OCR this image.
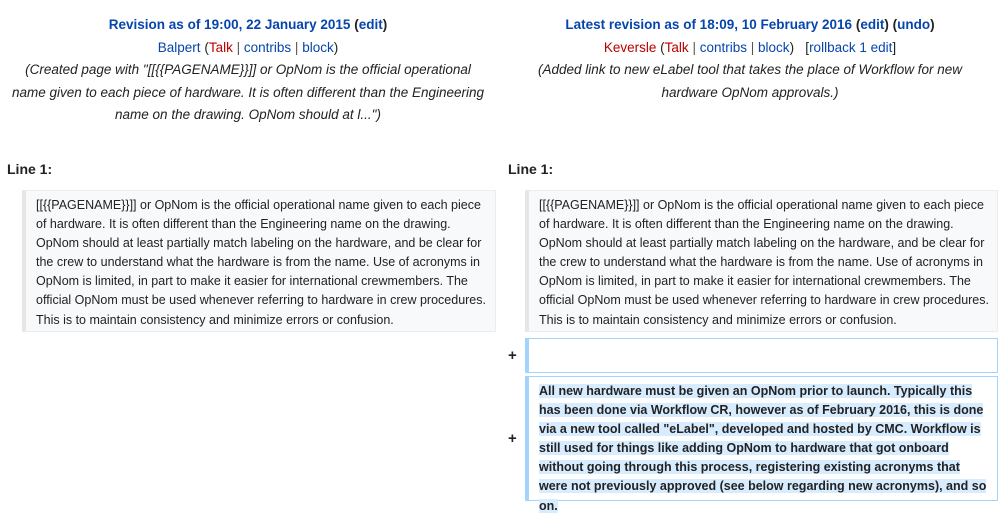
Revision as of 19:00, 22 January 2015 (edit)
Balpert (Talk | contribs | block)
(Created page with "[[{{PAGENAME}}]] or OpNom is the official operational name given to each piece of hardware. It is often different than the Engineering name on the drawing. OpNom should at l...")
Latest revision as of 18:09, 10 February 2016 (edit) (undo)
Keversle (Talk | contribs | block)   [rollback 1 edit]
(Added link to new eLabel tool that takes the place of Workflow for new hardware OpNom approvals.)
Line 1:	Line 1:
[[{{PAGENAME}}]] or OpNom is the official operational name given to each piece of hardware. It is often different than the Engineering name on the drawing. OpNom should at least partially match labeling on the hardware, and be clear for the crew to understand what the hardware is from the name. Use of acronyms in OpNom is limited, in part to make it easier for international crewmembers. The official OpNom must be used whenever referring to hardware in crew procedures. This is to maintain consistency and minimize errors or confusion.
[[{{PAGENAME}}]] or OpNom is the official operational name given to each piece of hardware. It is often different than the Engineering name on the drawing. OpNom should at least partially match labeling on the hardware, and be clear for the crew to understand what the hardware is from the name. Use of acronyms in OpNom is limited, in part to make it easier for international crewmembers. The official OpNom must be used whenever referring to hardware in crew procedures. This is to maintain consistency and minimize errors or confusion.
+
+
All new hardware must be given an OpNom prior to launch. Typically this has been done via Workflow CR, however as of February 2016, this is done via a new tool called "eLabel", developed and hosted by CMC. Workflow is still used for things like adding OpNom to hardware that got onboard without going through this process, registering existing acronyms that were not previously approved (see below regarding new acronyms), and so on.
